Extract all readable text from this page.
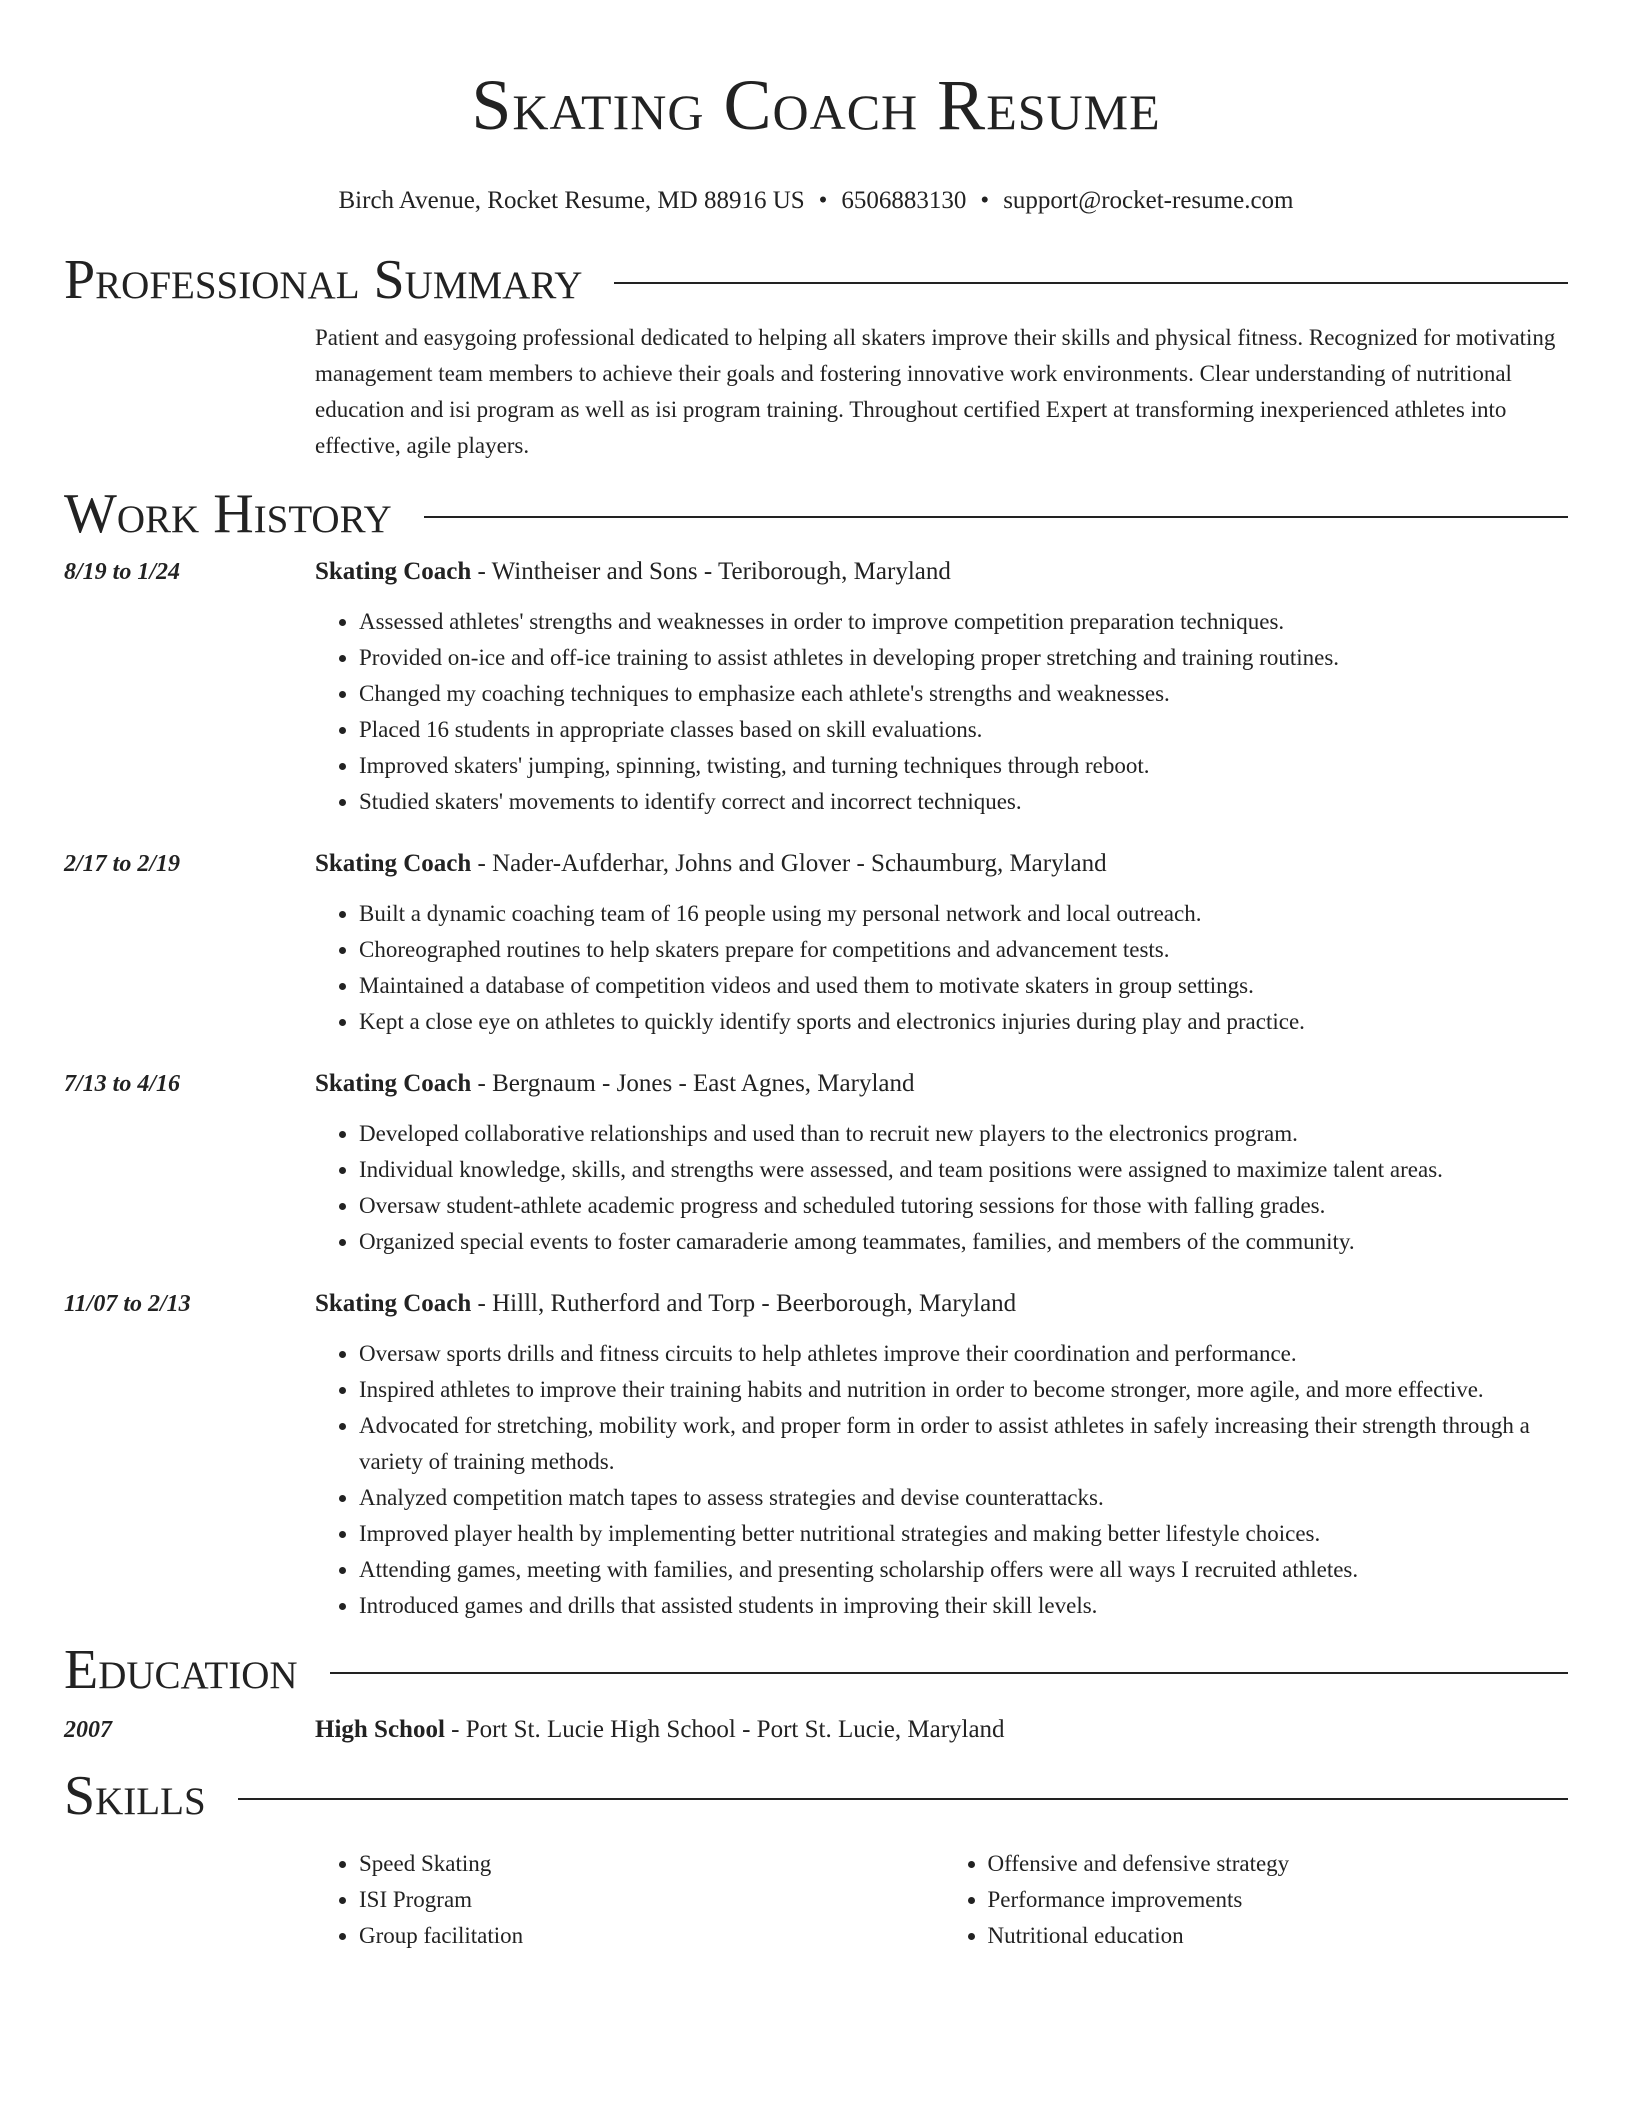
Skating Coach Resume
Birch Avenue, Rocket Resume, MD 88916 US • 6506883130 • support@rocket-resume.com
Professional Summary
Patient and easygoing professional dedicated to helping all skaters improve their skills and physical fitness. Recognized for motivating management team members to achieve their goals and fostering innovative work environments. Clear understanding of nutritional education and isi program as well as isi program training. Throughout certified Expert at transforming inexperienced athletes into effective, agile players.
Work History
8/19 to 1/24	Skating Coach - Wintheiser and Sons - Teriborough, Maryland
• Assessed athletes' strengths and weaknesses in order to improve competition preparation techniques.
• Provided on-ice and off-ice training to assist athletes in developing proper stretching and training routines.
• Changed my coaching techniques to emphasize each athlete's strengths and weaknesses.
• Placed 16 students in appropriate classes based on skill evaluations.
• Improved skaters' jumping, spinning, twisting, and turning techniques through reboot.
• Studied skaters' movements to identify correct and incorrect techniques.
2/17 to 2/19	Skating Coach - Nader-Aufderhar, Johns and Glover - Schaumburg, Maryland
• Built a dynamic coaching team of 16 people using my personal network and local outreach.
• Choreographed routines to help skaters prepare for competitions and advancement tests.
• Maintained a database of competition videos and used them to motivate skaters in group settings.
• Kept a close eye on athletes to quickly identify sports and electronics injuries during play and practice.
7/13 to 4/16	Skating Coach - Bergnaum - Jones - East Agnes, Maryland
• Developed collaborative relationships and used than to recruit new players to the electronics program.
• Individual knowledge, skills, and strengths were assessed, and team positions were assigned to maximize talent areas.
• Oversaw student-athlete academic progress and scheduled tutoring sessions for those with falling grades.
• Organized special events to foster camaraderie among teammates, families, and members of the community.
11/07 to 2/13	Skating Coach - Hilll, Rutherford and Torp - Beerborough, Maryland
• Oversaw sports drills and fitness circuits to help athletes improve their coordination and performance.
• Inspired athletes to improve their training habits and nutrition in order to become stronger, more agile, and more effective.
• Advocated for stretching, mobility work, and proper form in order to assist athletes in safely increasing their strength through a variety of training methods.
• Analyzed competition match tapes to assess strategies and devise counterattacks.
• Improved player health by implementing better nutritional strategies and making better lifestyle choices.
• Attending games, meeting with families, and presenting scholarship offers were all ways I recruited athletes.
• Introduced games and drills that assisted students in improving their skill levels.
Education
2007	High School - Port St. Lucie High School - Port St. Lucie, Maryland
Skills
• Speed Skating
• ISI Program
• Group facilitation
• Offensive and defensive strategy
• Performance improvements
• Nutritional education
